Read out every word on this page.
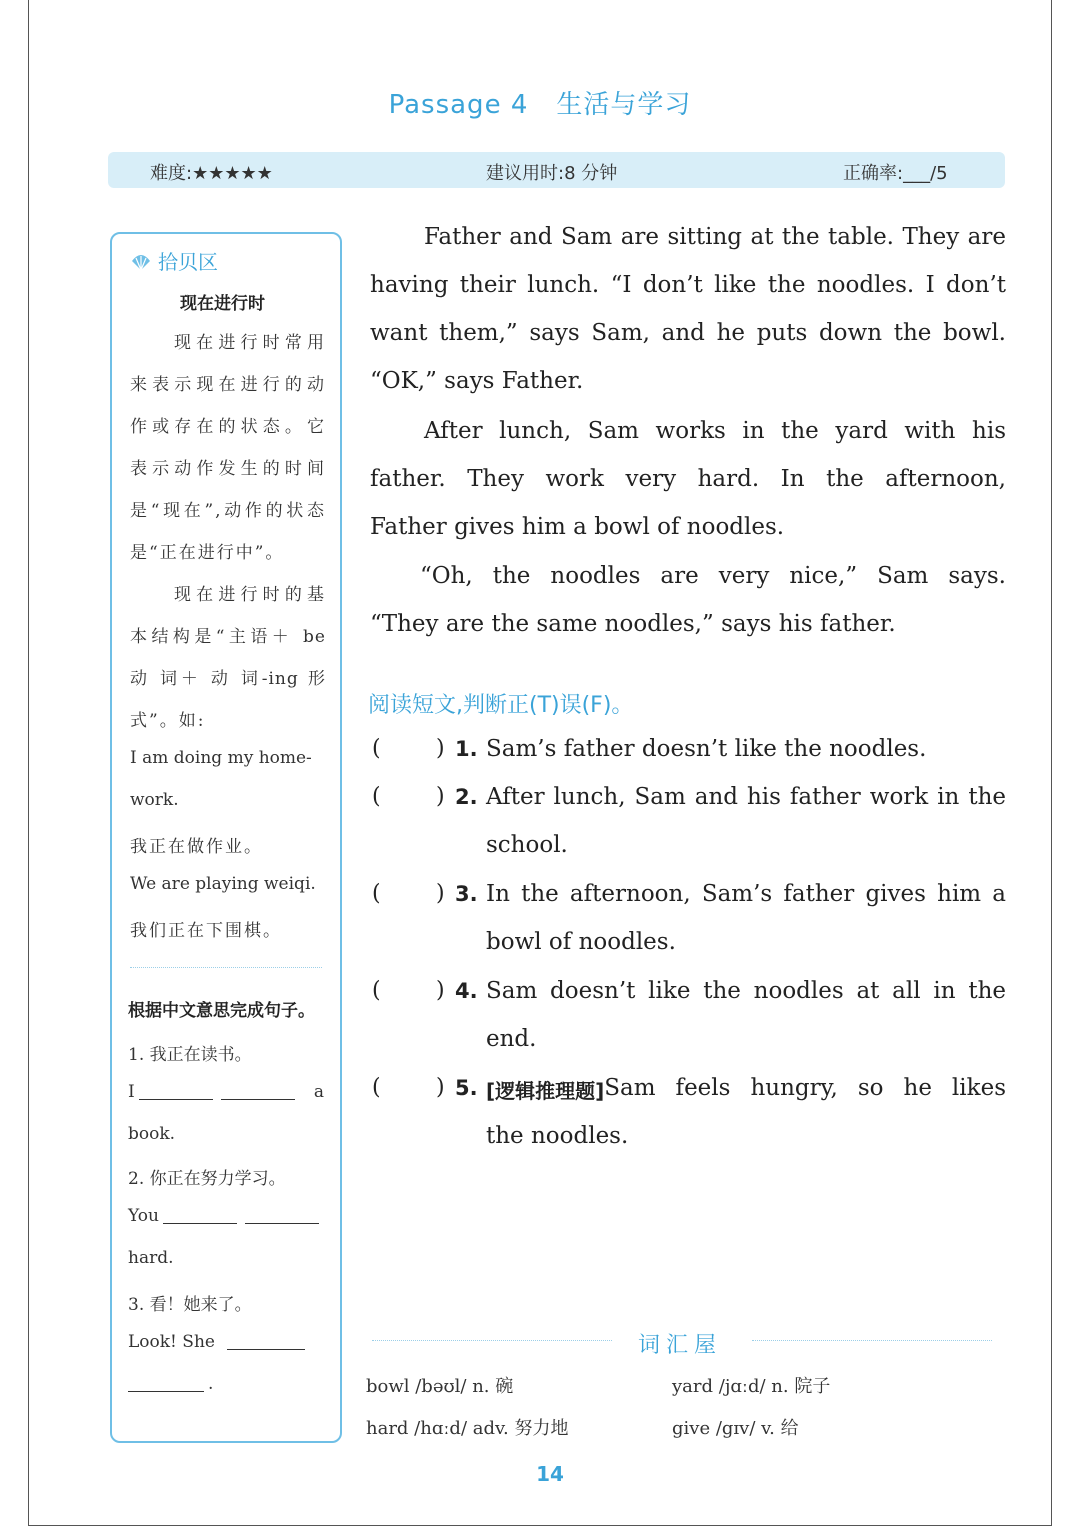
Passage 4 生活与学习
难度:★★★★★	建议用时:8 分钟	正确率:___/5
拾贝区
现在进行时
现在进行时常用
来表示现在进行的动
作或存在的状态。它
表示动作发生的时间
是“现在”,动作的状态
是“正在进行中”。
现在进行时的基
本结构是“主语＋ be
动 词＋ 动 词-ing 形
式”。如:
I am doing my home-
work.
我正在做作业。
We are playing weiqi.
我们正在下围棋。
根据中文意思完成句子。
1. 我正在读书。
I	a
book.
2. 你正在努力学习。
You
hard.
3. 看！她来了。
Look! She
.
Father and Sam are sitting at the table. They are
having their lunch. “I don’t like the noodles. I don’t
want them,” says Sam, and he puts down the bowl.
“OK,” says Father.
After lunch, Sam works in the yard with his
father. They work very hard. In the afternoon,
Father gives him a bowl of noodles.
“Oh, the noodles are very nice,” Sam says.
“They are the same noodles,” says his father.
阅读短文,判断正(T)误(F)。
(	) 1. Sam’s father doesn’t like the noodles.
(	) 2. After lunch, Sam and his father work in the
school.
(	) 3. In the afternoon, Sam’s father gives him a
bowl of noodles.
(	) 4. Sam doesn’t like the noodles at all in the
end.
(	) 5. [逻辑推理题] Sam feels hungry, so he likes
the noodles.
词汇屋
bowl /bəʊl/ n. 碗	yard /jɑːd/ n. 院子
hard /hɑːd/ adv. 努力地	give /gɪv/ v. 给
14
